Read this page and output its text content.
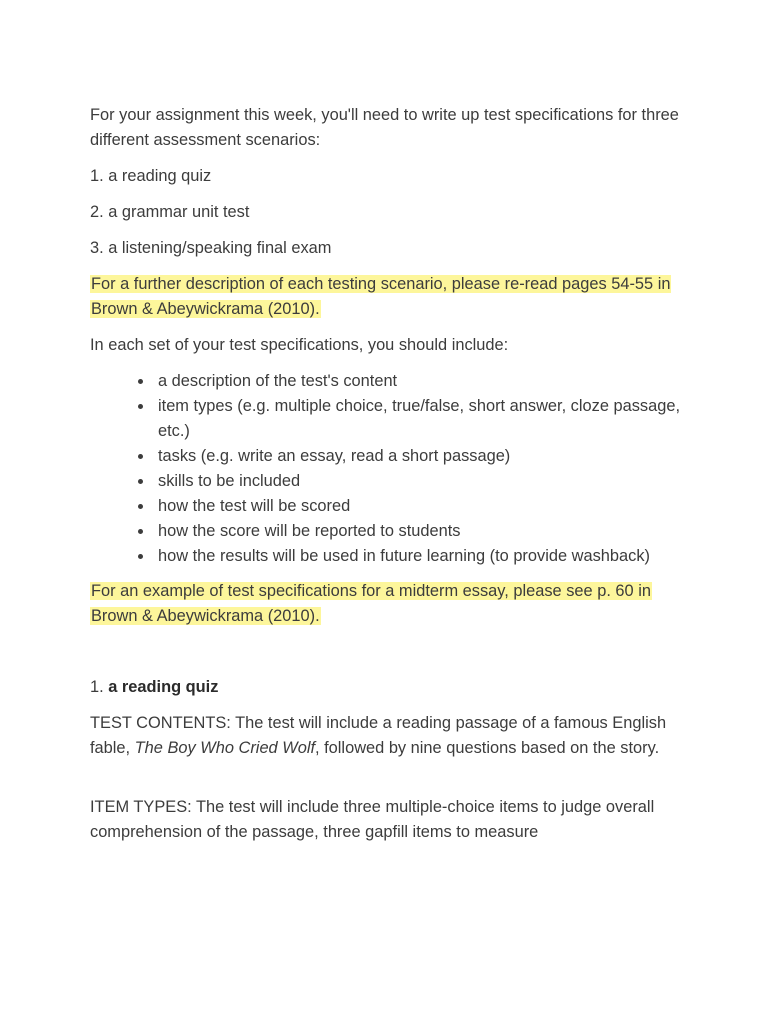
For your assignment this week, you'll need to write up test specifications for three different assessment scenarios:

1. a reading quiz

2. a grammar unit test

3. a listening/speaking final exam

For a further description of each testing scenario, please re-read pages 54-55 in Brown & Abeywickrama (2010).

In each set of your test specifications, you should include:

a description of the test's content
item types (e.g. multiple choice, true/false, short answer, cloze passage, etc.)
tasks (e.g. write an essay, read a short passage)
skills to be included
how the test will be scored
how the score will be reported to students
how the results will be used in future learning (to provide washback)

For an example of test specifications for a midterm essay, please see p. 60 in Brown & Abeywickrama (2010).

1. a reading quiz

TEST CONTENTS: The test will include a reading passage of a famous English fable, The Boy Who Cried Wolf, followed by nine questions based on the story.

ITEM TYPES: The test will include three multiple-choice items to judge overall comprehension of the passage, three gapfill items to measure
